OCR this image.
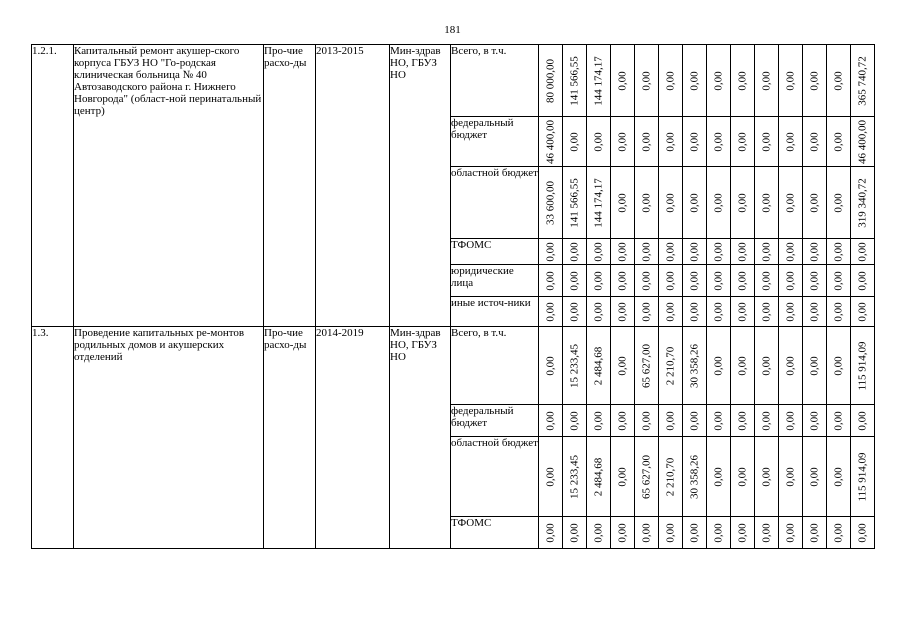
181
1.2.1.	Капитальный ремонт акушер-ского корпуса ГБУЗ НО "Го-родская клиническая больница № 40 Автозаводского района г. Нижнего Новгорода" (област-ной перинатальный центр)	Про-чие расхо-ды	2013-2015	Мин-здрав НО, ГБУЗ НО	Всего, в т.ч.	80 000,00	141 566,55	144 174,17	0,00	0,00	0,00	0,00	0,00	0,00	0,00	0,00	0,00	0,00	365 740,72

					федеральный бюджет	46 400,00	0,00	0,00	0,00	0,00	0,00	0,00	0,00	0,00	0,00	0,00	0,00	0,00	46 400,00

					областной бюджет	33 600,00	141 566,55	144 174,17	0,00	0,00	0,00	0,00	0,00	0,00	0,00	0,00	0,00	0,00	319 340,72

					ТФОМС	0,00	0,00	0,00	0,00	0,00	0,00	0,00	0,00	0,00	0,00	0,00	0,00	0,00	0,00

					юридические лица	0,00	0,00	0,00	0,00	0,00	0,00	0,00	0,00	0,00	0,00	0,00	0,00	0,00	0,00

					иные источ-ники	0,00	0,00	0,00	0,00	0,00	0,00	0,00	0,00	0,00	0,00	0,00	0,00	0,00	0,00

1.3.	Проведение капитальных ре-монтов родильных домов и акушерских отделений	Про-чие расхо-ды	2014-2019	Мин-здрав НО, ГБУЗ НО	Всего, в т.ч.	0,00	15 233,45	2 484,68	0,00	65 627,00	2 210,70	30 358,26	0,00	0,00	0,00	0,00	0,00	0,00	115 914,09

					федеральный бюджет	0,00	0,00	0,00	0,00	0,00	0,00	0,00	0,00	0,00	0,00	0,00	0,00	0,00	0,00

					областной бюджет	0,00	15 233,45	2 484,68	0,00	65 627,00	2 210,70	30 358,26	0,00	0,00	0,00	0,00	0,00	0,00	115 914,09

					ТФОМС	0,00	0,00	0,00	0,00	0,00	0,00	0,00	0,00	0,00	0,00	0,00	0,00	0,00	0,00
